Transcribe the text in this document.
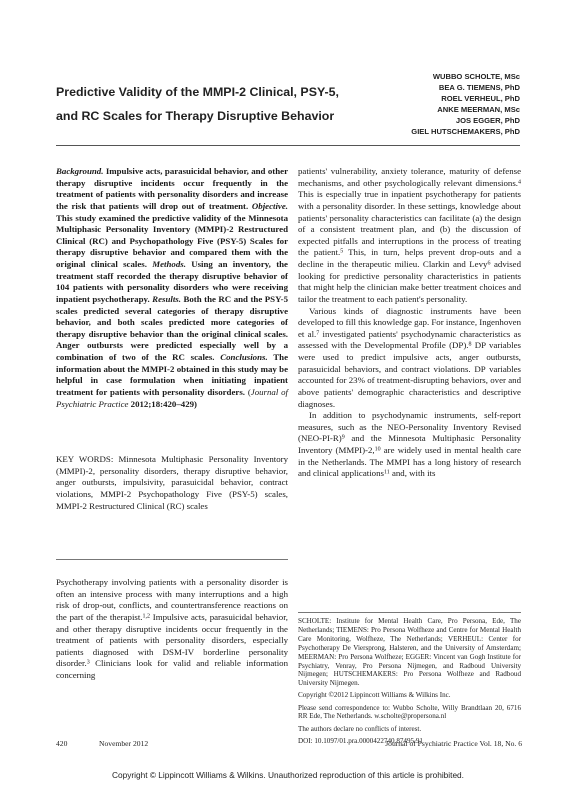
Predictive Validity of the MMPI-2 Clinical, PSY-5,
and RC Scales for Therapy Disruptive Behavior
WUBBO SCHOLTE, MSc
BEA G. TIEMENS, PhD
ROEL VERHEUL, PhD
ANKE MEERMAN, MSc
JOS EGGER, PhD
GIEL HUTSCHEMAKERS, PhD
Background. Impulsive acts, parasuicidal behavior, and other therapy disruptive incidents occur frequently in the treatment of patients with personality disorders and increase the risk that patients will drop out of treatment. Objective. This study examined the predictive validity of the Minnesota Multiphasic Personality Inventory (MMPI)-2 Restructured Clinical (RC) and Psychopathology Five (PSY-5) Scales for therapy disruptive behavior and compared them with the original clinical scales. Methods. Using an inventory, the treatment staff recorded the therapy disruptive behavior of 104 patients with personality disorders who were receiving inpatient psychotherapy. Results. Both the RC and the PSY-5 scales predicted several categories of therapy disruptive behavior, and both scales predicted more categories of therapy disruptive behavior than the original clinical scales. Anger outbursts were predicted especially well by a combination of two of the RC scales. Conclusions. The information about the MMPI-2 obtained in this study may be helpful in case formulation when initiating inpatient treatment for patients with personality disorders. (Journal of Psychiatric Practice 2012;18:420–429)
KEY WORDS: Minnesota Multiphasic Personality Inventory (MMPI)-2, personality disorders, therapy disruptive behavior, anger outbursts, impulsivity, parasuicidal behavior, contract violations, MMPI-2 Psychopathology Five (PSY-5) scales, MMPI-2 Restructured Clinical (RC) scales
Psychotherapy involving patients with a personality disorder is often an intensive process with many interruptions and a high risk of drop-out, conflicts, and countertransference reactions on the part of the therapist.$^{1,2}$ Impulsive acts, parasuicidal behavior, and other therapy disruptive incidents occur frequently in the treatment of patients with personality disorders, especially patients diagnosed with DSM-IV borderline personality disorder.$^3$ Clinicians look for valid and reliable information concerning

patients' vulnerability, anxiety tolerance, maturity of defense mechanisms, and other psychologically relevant dimensions.$^4$ This is especially true in inpatient psychotherapy for patients with a personality disorder. In these settings, knowledge about patients' personality characteristics can facilitate (a) the design of a consistent treatment plan, and (b) the discussion of expected pitfalls and interruptions in the process of treating the patient.$^5$ This, in turn, helps prevent drop-outs and a decline in the therapeutic milieu. Clarkin and Levy$^6$ advised looking for predictive personality characteristics in patients that might help the clinician make better treatment choices and tailor the treatment to each patient's personality.

Various kinds of diagnostic instruments have been developed to fill this knowledge gap. For instance, Ingenhoven et al.$^7$ investigated patients' psychodynamic characteristics as assessed with the Developmental Profile (DP).$^8$ DP variables were used to predict impulsive acts, anger outbursts, parasuicidal behaviors, and contract violations. DP variables accounted for 23% of treatment-disrupting behaviors, over and above patients' demographic characteristics and descriptive diagnoses.

In addition to psychodynamic instruments, self-report measures, such as the NEO-Personality Inventory Revised $(NEO-PI-R)^9$ and the Minnesota Multiphasic Personality Inventory (MMPI)-2,10 are widely used in mental health care in the Netherlands. The MMPI has a long history of research and clinical applications$^{11}$ and, with its

SCHOLTE: Institute for Mental Health Care, Pro Persona, Ede, The Netherlands; TIEMENS: Pro Persona Wolfheze and Centre for Mental Health Care Monitoring, Wolfheze, The Netherlands; VERHEUL: Center for Psychotherapy De Viersprong, Halsteren, and the University of Amsterdam; MEERMAN: Pro Persona Wolfheze; EGGER: Vincent van Gogh Institute for Psychiatry, Venray, Pro Persona Nijmegen, and Radboud University Nijmegen; HUTSCHEMAKERS: Pro Persona Wolfheze and Radboud University Nijmegen.

Copyright ©2012 Lippincott Williams & Wilkins Inc.

Please send correspondence to: Wubbo Scholte, Willy Brandtlaan 20, 6716 RR Ede, The Netherlands. w.scholte@propersona.nl

The authors declare no conflicts of interest.

DOI: 10.1097/01.pra.0000422740.87495.91

420	November 2012	Journal of Psychiatric Practice Vol. 18, No. 6
Copyright © Lippincott Williams & Wilkins. Unauthorized reproduction of this article is prohibited.
